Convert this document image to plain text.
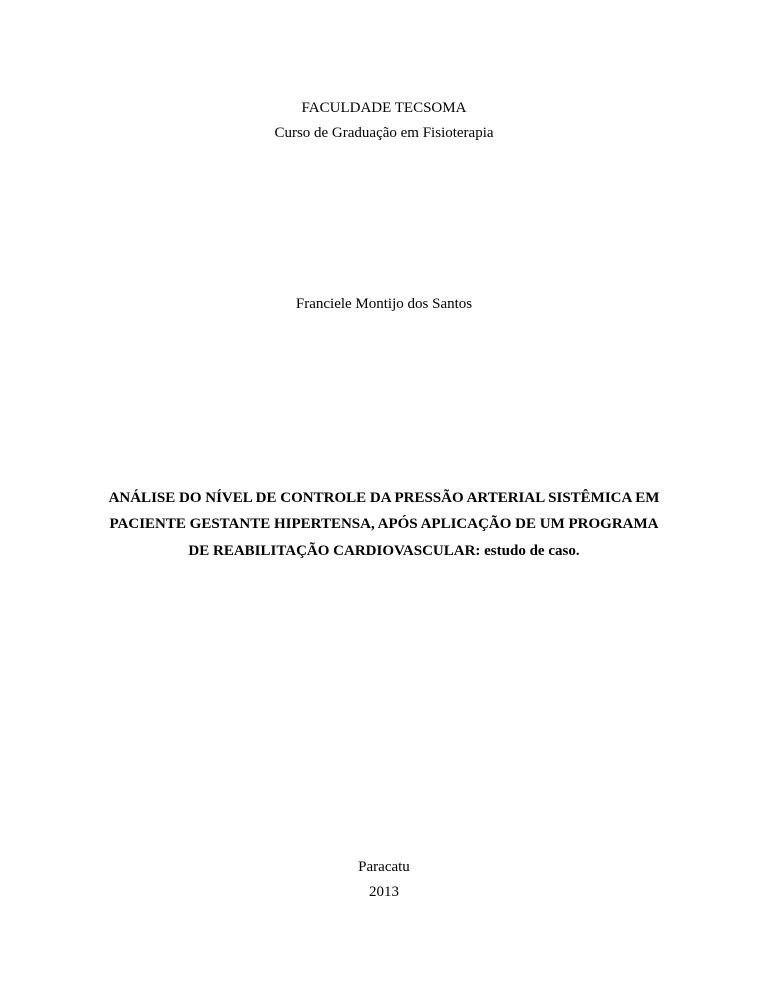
FACULDADE TECSOMA
Curso de Graduação em Fisioterapia
Franciele Montijo dos Santos
ANÁLISE DO NÍVEL DE CONTROLE DA PRESSÃO ARTERIAL SISTÊMICA EM
PACIENTE GESTANTE HIPERTENSA, APÓS APLICAÇÃO DE UM PROGRAMA
DE REABILITAÇÃO CARDIOVASCULAR: estudo de caso.
Paracatu
2013
